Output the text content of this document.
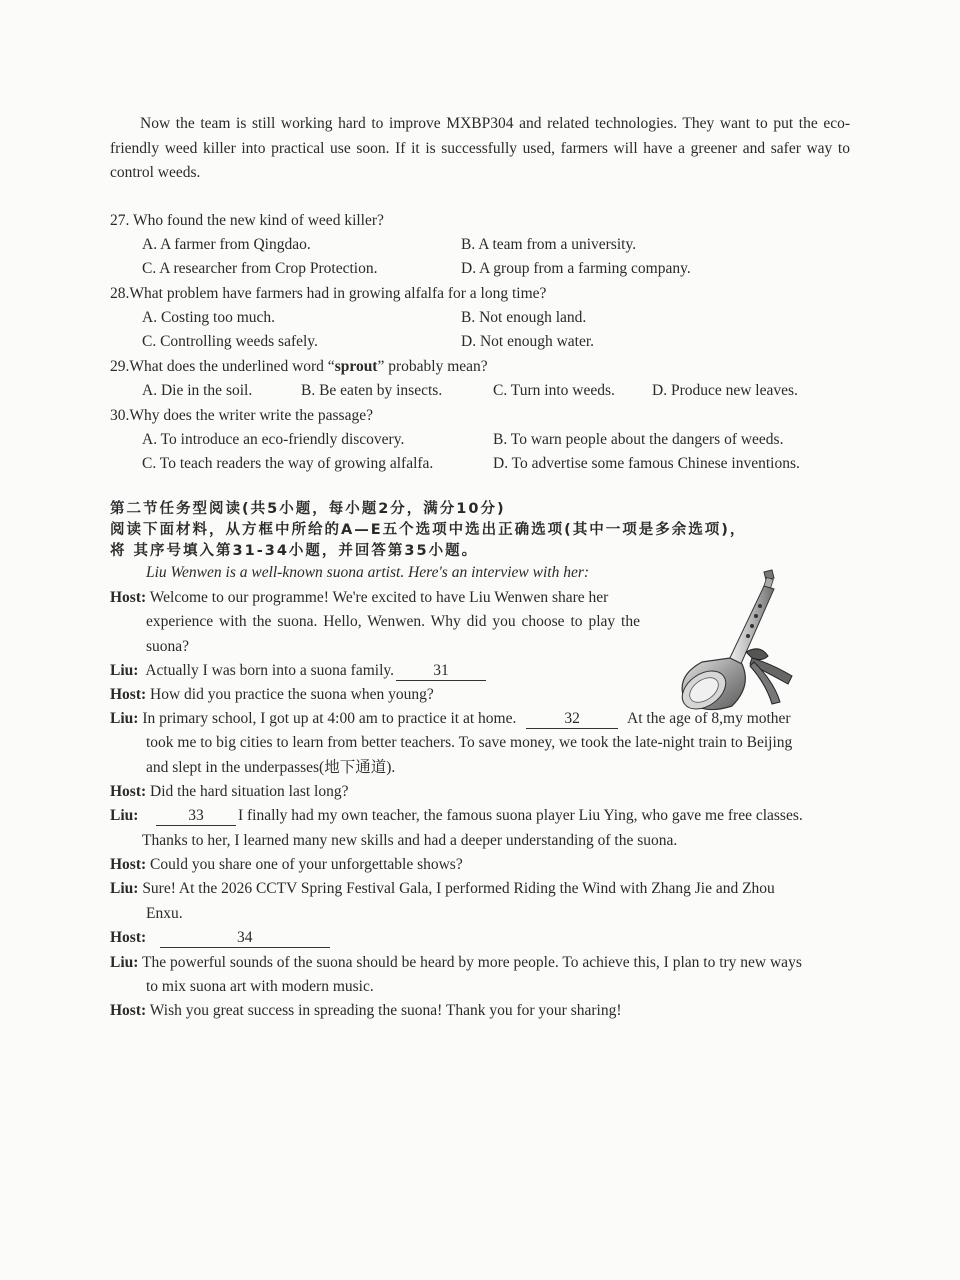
Now the team is still working hard to improve MXBP304 and related technologies. They want to put the eco-friendly weed killer into practical use soon. If it is successfully used, farmers will have a greener and safer way to control weeds.
27. Who found the new kind of weed killer?
A. A farmer from Qingdao.	B. A team from a university.
C. A researcher from Crop Protection.	D. A group from a farming company.
28.What problem have farmers had in growing alfalfa for a long time?
A. Costing too much.	B. Not enough land.
C. Controlling weeds safely.	D. Not enough water.
29.What does the underlined word “sprout” probably mean?
A. Die in the soil.	B. Be eaten by insects.	C. Turn into weeds. D. Produce new leaves.
30.Why does the writer write the passage?
A. To introduce an eco-friendly discovery.	B. To warn people about the dangers of weeds.
C. To teach readers the way of growing alfalfa.	D. To advertise some famous Chinese inventions.
第二节任务型阅读(共5小题，每小题2分，满分10分)
阅读下面材料，从方框中所给的A—E五个选项中选出正确选项(其中一项是多余选项)，
将 其序号填入第31-34小题，并回答第35小题。
Liu Wenwen is a well-known suona artist. Here's an interview with her:
Host: Welcome to our programme! We're excited to have Liu Wenwen share her
experience with the suona. Hello, Wenwen. Why did you choose to play the
suona?
Liu: Actually I was born into a suona family.	31
Host: How did you practice the suona when young?
Liu: In primary school, I got up at 4:00 am to practice it at home.	32	At the age of 8,my mother
took me to big cities to learn from better teachers. To save money, we took the late-night train to Beijing
and slept in the underpasses(地下通道).
Host: Did the hard situation last long?
Liu:	33 I finally had my own teacher, the famous suona player Liu Ying, who gave me free classes.
Thanks to her, I learned many new skills and had a deeper understanding of the suona.
Host: Could you share one of your unforgettable shows?
Liu: Sure! At the 2026 CCTV Spring Festival Gala, I performed Riding the Wind with Zhang Jie and Zhou
Enxu.
Host:	34
Liu: The powerful sounds of the suona should be heard by more people. To achieve this, I plan to try new ways
to mix suona art with modern music.
Host: Wish you great success in spreading the suona! Thank you for your sharing!
